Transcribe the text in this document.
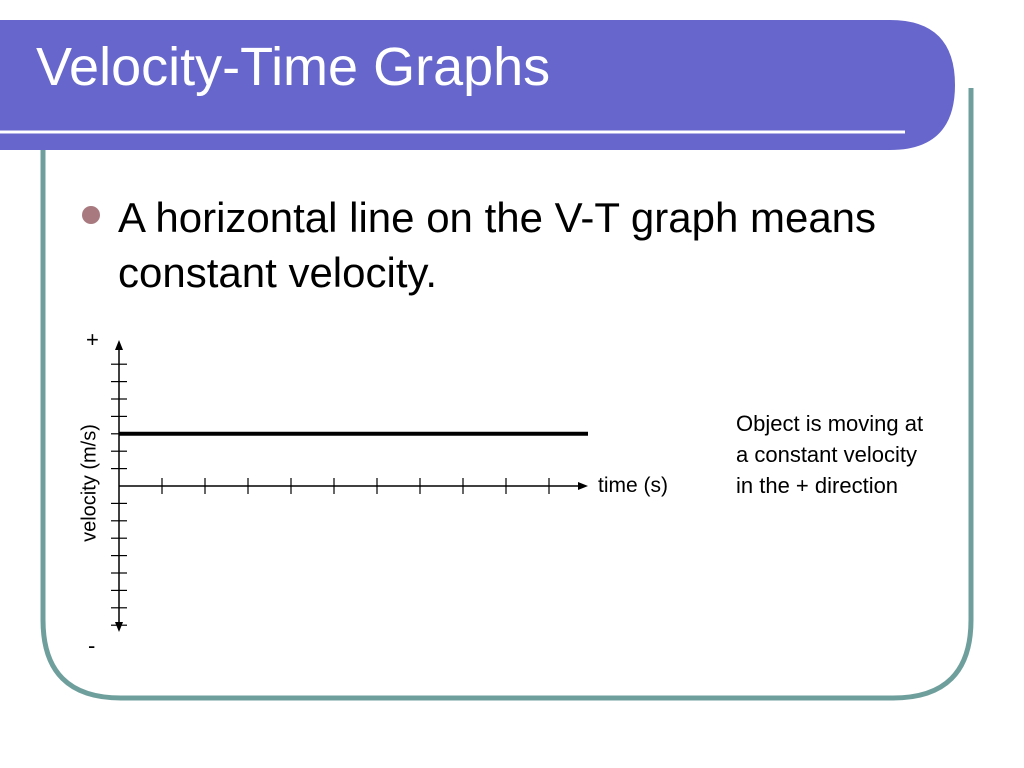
Velocity-Time Graphs
A horizontal line on the V-T graph means constant velocity.
+
-
velocity (m/s)	time (s)
Object is moving at
a constant velocity
in the + direction
